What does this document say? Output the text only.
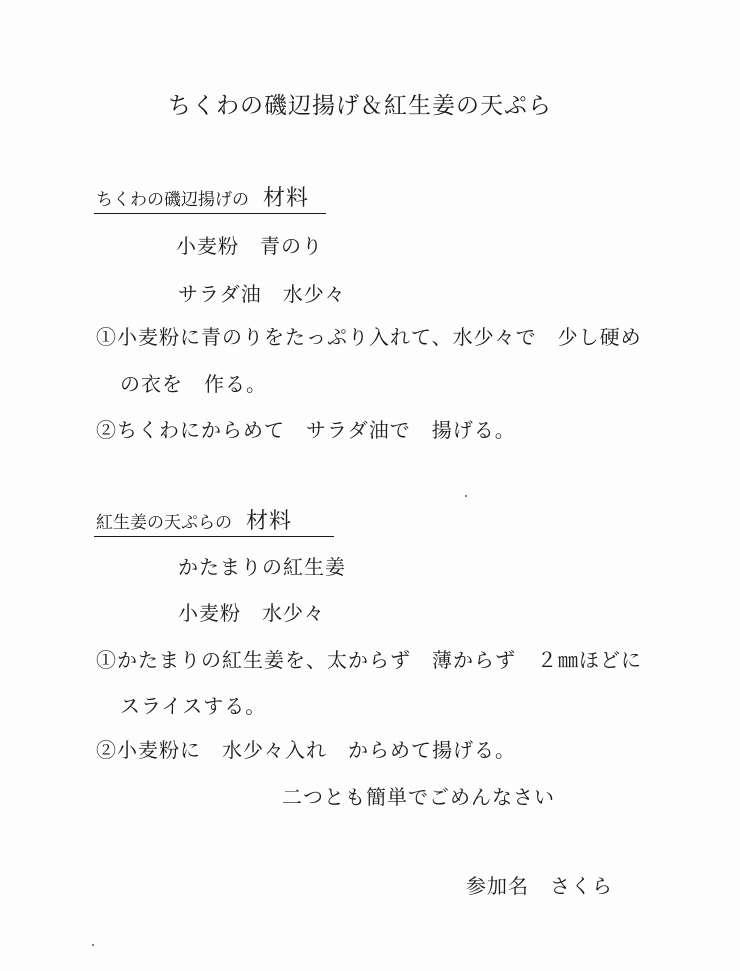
ちくわの磯辺揚げ＆紅生姜の天ぷら
ちくわの磯辺揚げの 材料
小麦粉　青のり
サラダ油　水少々
①小麦粉に青のりをたっぷり入れて、水少々で　少し硬め
の衣を　作る。
②ちくわにからめて　サラダ油で　揚げる。
紅生姜の天ぷらの 材料
かたまりの紅生姜
小麦粉　水少々
①かたまりの紅生姜を、太からず　薄からず　２㎜ほどに
スライスする。
②小麦粉に　水少々入れ　からめて揚げる。
二つとも簡単でごめんなさい
参加名　さくら
